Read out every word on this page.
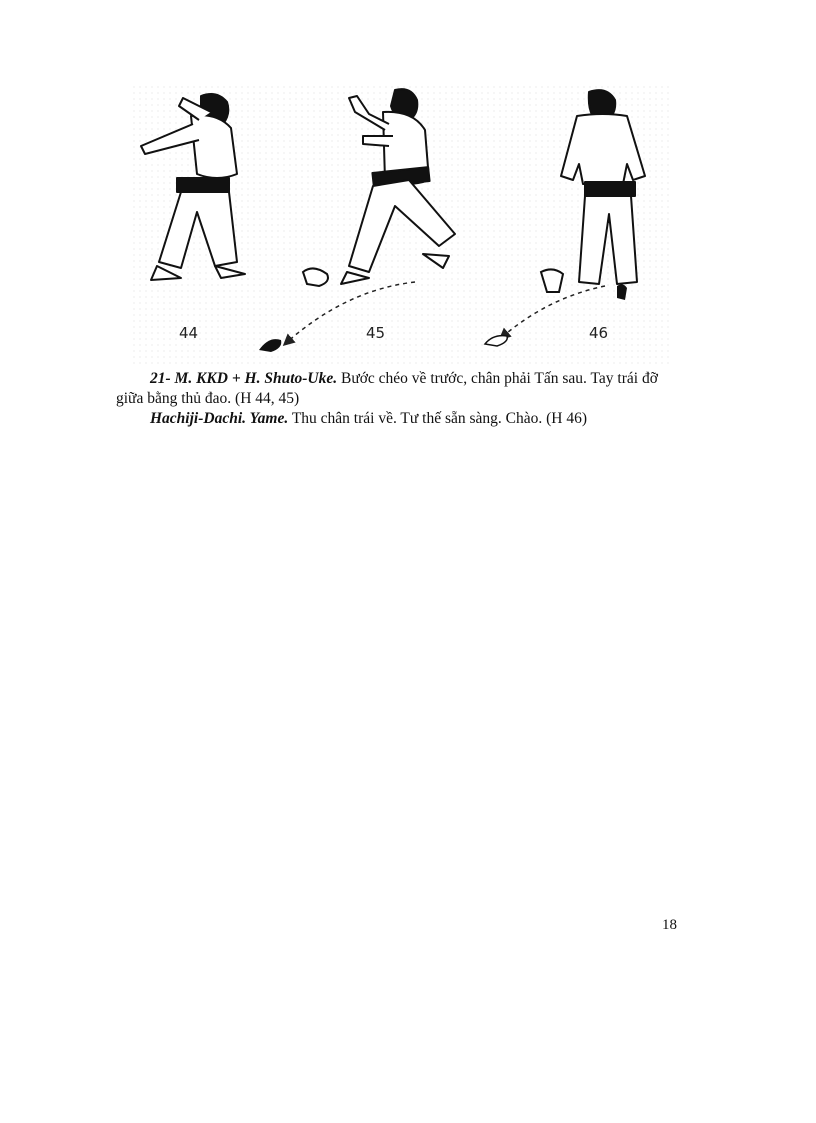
44	45	46

21- M. KKD + H. Shuto-Uke. Bước chéo về trước, chân phải Tấn sau. Tay trái đỡ giữa bằng thủ đao. (H 44, 45)

Hachiji-Dachi. Yame. Thu chân trái về. Tư thế sẵn sàng. Chào. (H 46)

18
